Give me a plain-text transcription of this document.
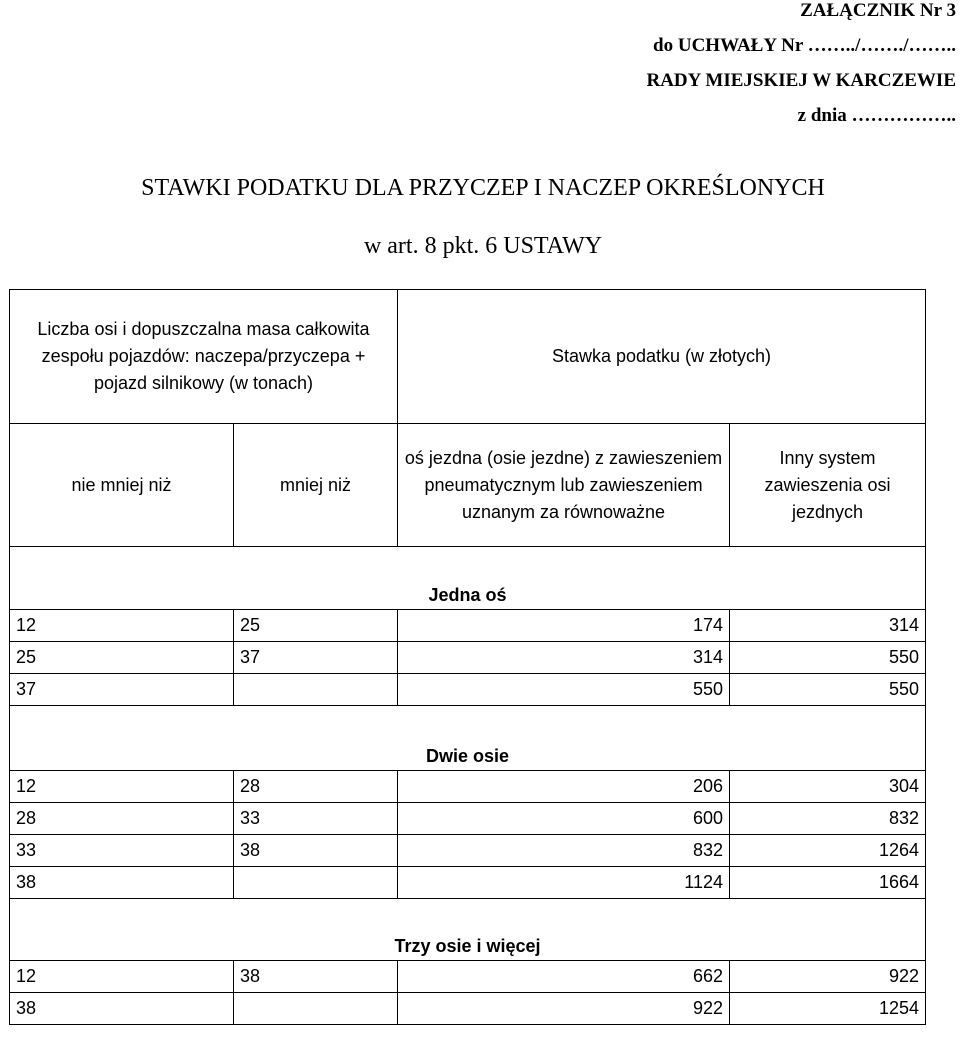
ZAŁĄCZNIK Nr 3
do UCHWAŁY Nr ……../……./……..
RADY MIEJSKIEJ W KARCZEWIE
z dnia ……………..
STAWKI PODATKU DLA PRZYCZEP I NACZEP OKREŚLONYCH
w art. 8 pkt. 6 USTAWY
Liczba osi i dopuszczalna masa całkowita zespołu pojazdów: naczepa/przyczepa + pojazd silnikowy (w tonach)		Stawka podatku (w złotych)	
nie mniej niż	mniej niż	oś jezdna (osie jezdne) z zawieszeniem pneumatycznym lub zawieszeniem uznanym za równoważne	Inny system zawieszenia osi jezdnych
Jedna oś			
12	25	174	314
25	37	314	550
37		550	550
Dwie osie			
12	28	206	304
28	33	600	832
33	38	832	1264
38		1124	1664
Trzy osie i więcej			
12	38	662	922
38		922	1254
